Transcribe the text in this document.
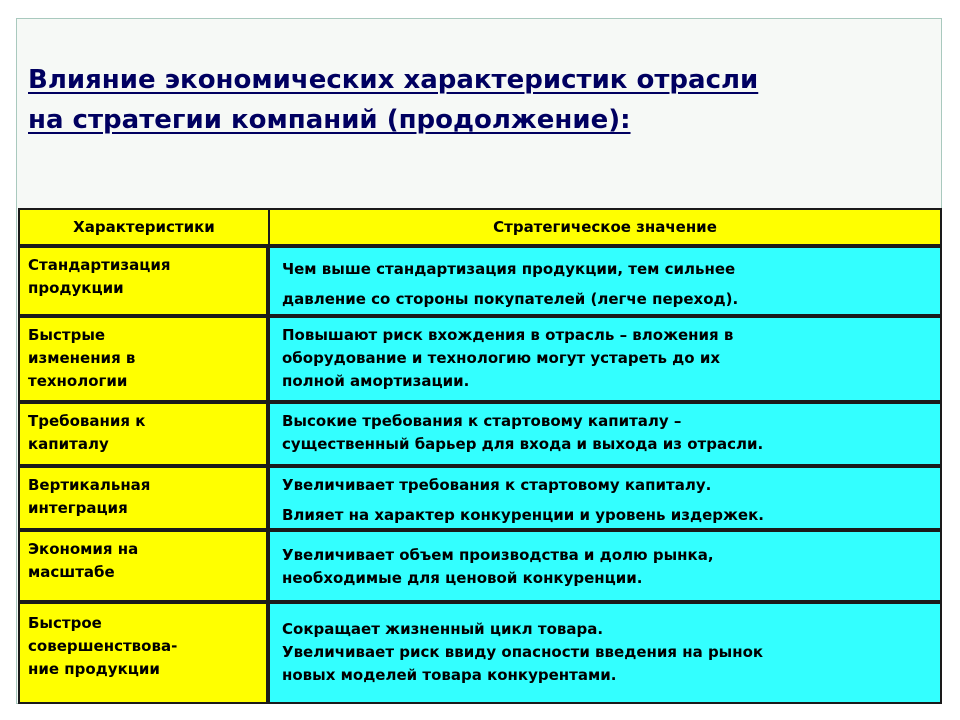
Влияние экономических характеристик отрасли
на стратегии компаний (продолжение):
Характеристики	Стратегическое значение
Стандартизация
продукции
Чем выше стандартизация продукции, тем сильнее
давление со стороны покупателей (легче переход).
Быстрые
изменения в
технологии
Повышают риск вхождения в отрасль – вложения в
оборудование и технологию могут устареть до их
полной амортизации.
Требования к
капиталу
Высокие требования к стартовому капиталу –
существенный барьер для входа и выхода из отрасли.
Вертикальная
интеграция
Увеличивает требования к стартовому капиталу.
Влияет на характер конкуренции и уровень издержек.
Экономия на
масштабе
Увеличивает объем производства и долю рынка,
необходимые для ценовой конкуренции.
Быстрое
совершенствова-
ние продукции
Сокращает жизненный цикл товара.
Увеличивает риск ввиду опасности введения на рынок
новых моделей товара конкурентами.
